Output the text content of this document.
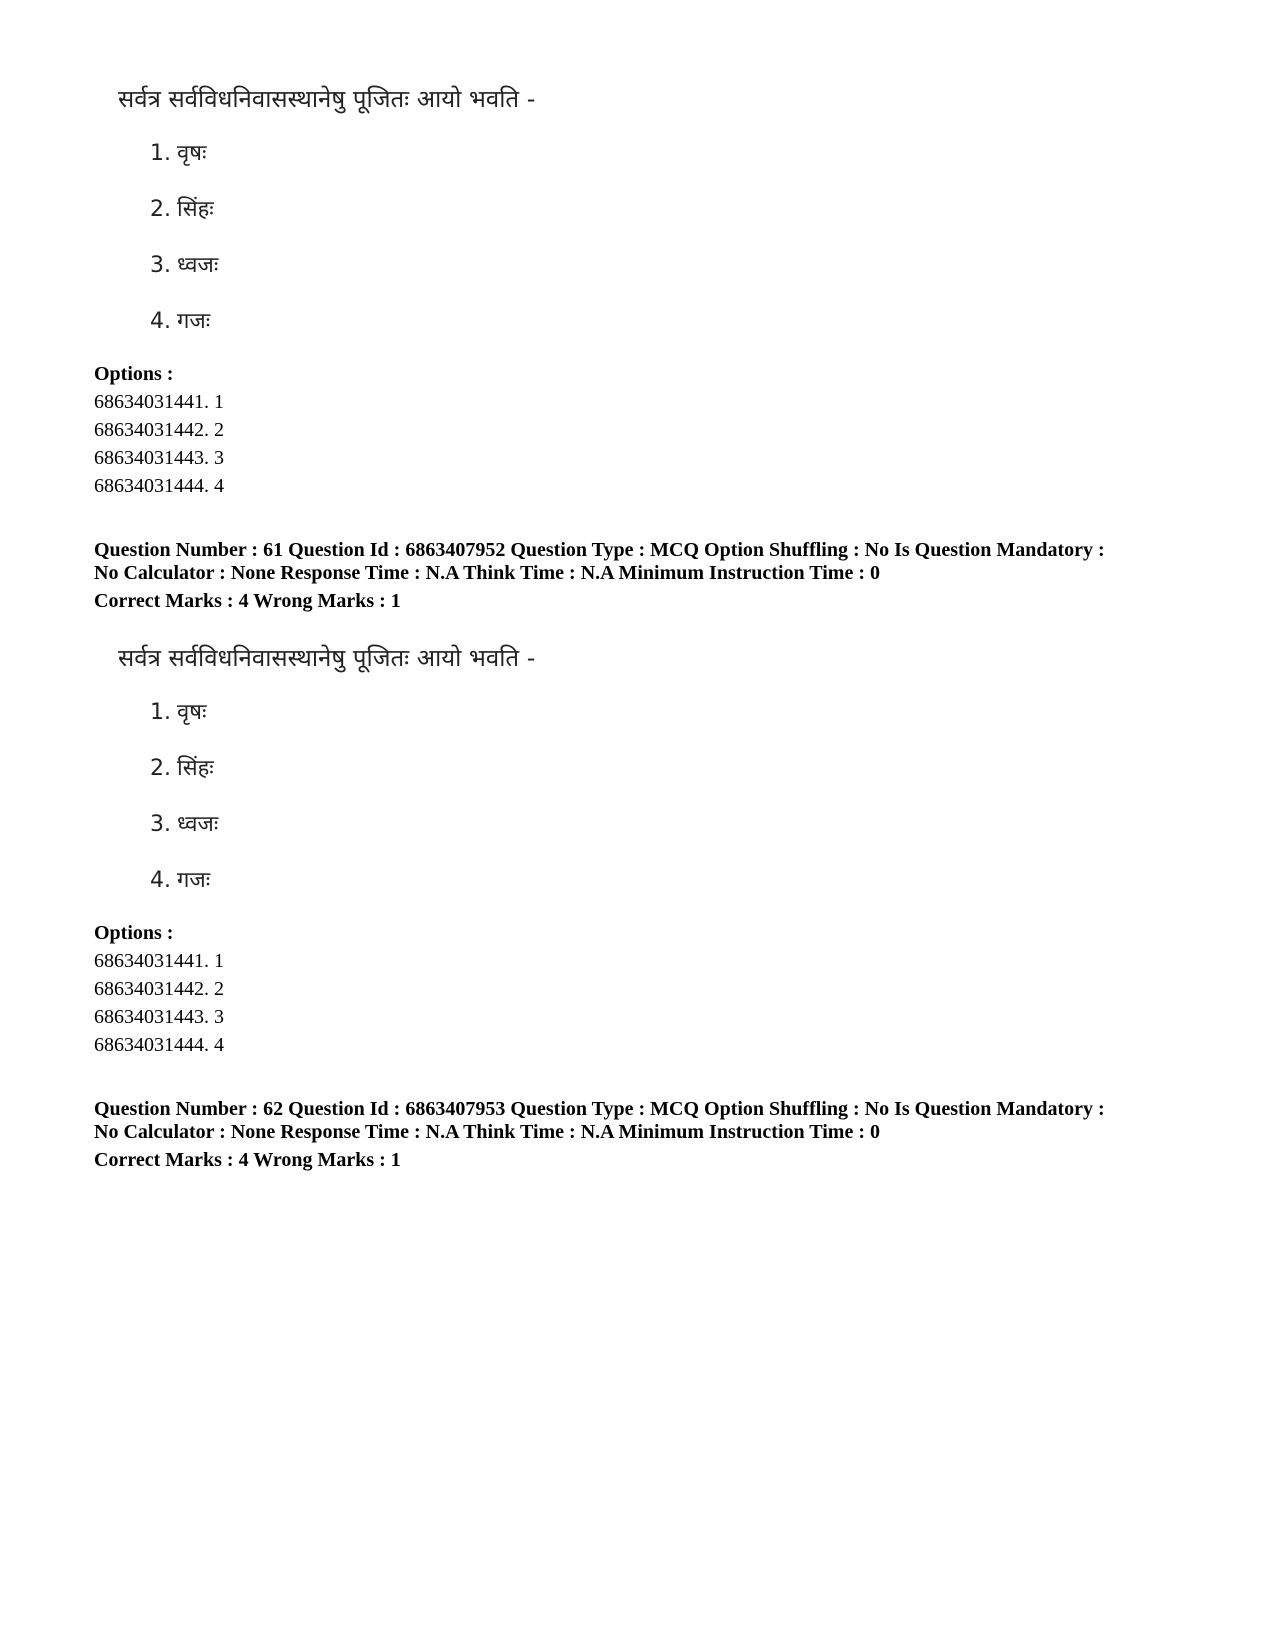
सर्वत्र सर्वविधनिवासस्थानेषु पूजितः आयो भवति -

1. वृषः

2. सिंहः

3. ध्वजः

4. गजः

Options :

68634031441. 1

68634031442. 2

68634031443. 3

68634031444. 4

Question Number : 61 Question Id : 6863407952 Question Type : MCQ Option Shuffling : No Is Question Mandatory :

No Calculator : None Response Time : N.A Think Time : N.A Minimum Instruction Time : 0

Correct Marks : 4 Wrong Marks : 1

सर्वत्र सर्वविधनिवासस्थानेषु पूजितः आयो भवति -

1. वृषः

2. सिंहः

3. ध्वजः

4. गजः

Options :

68634031441. 1

68634031442. 2

68634031443. 3

68634031444. 4

Question Number : 62 Question Id : 6863407953 Question Type : MCQ Option Shuffling : No Is Question Mandatory :

No Calculator : None Response Time : N.A Think Time : N.A Minimum Instruction Time : 0

Correct Marks : 4 Wrong Marks : 1
